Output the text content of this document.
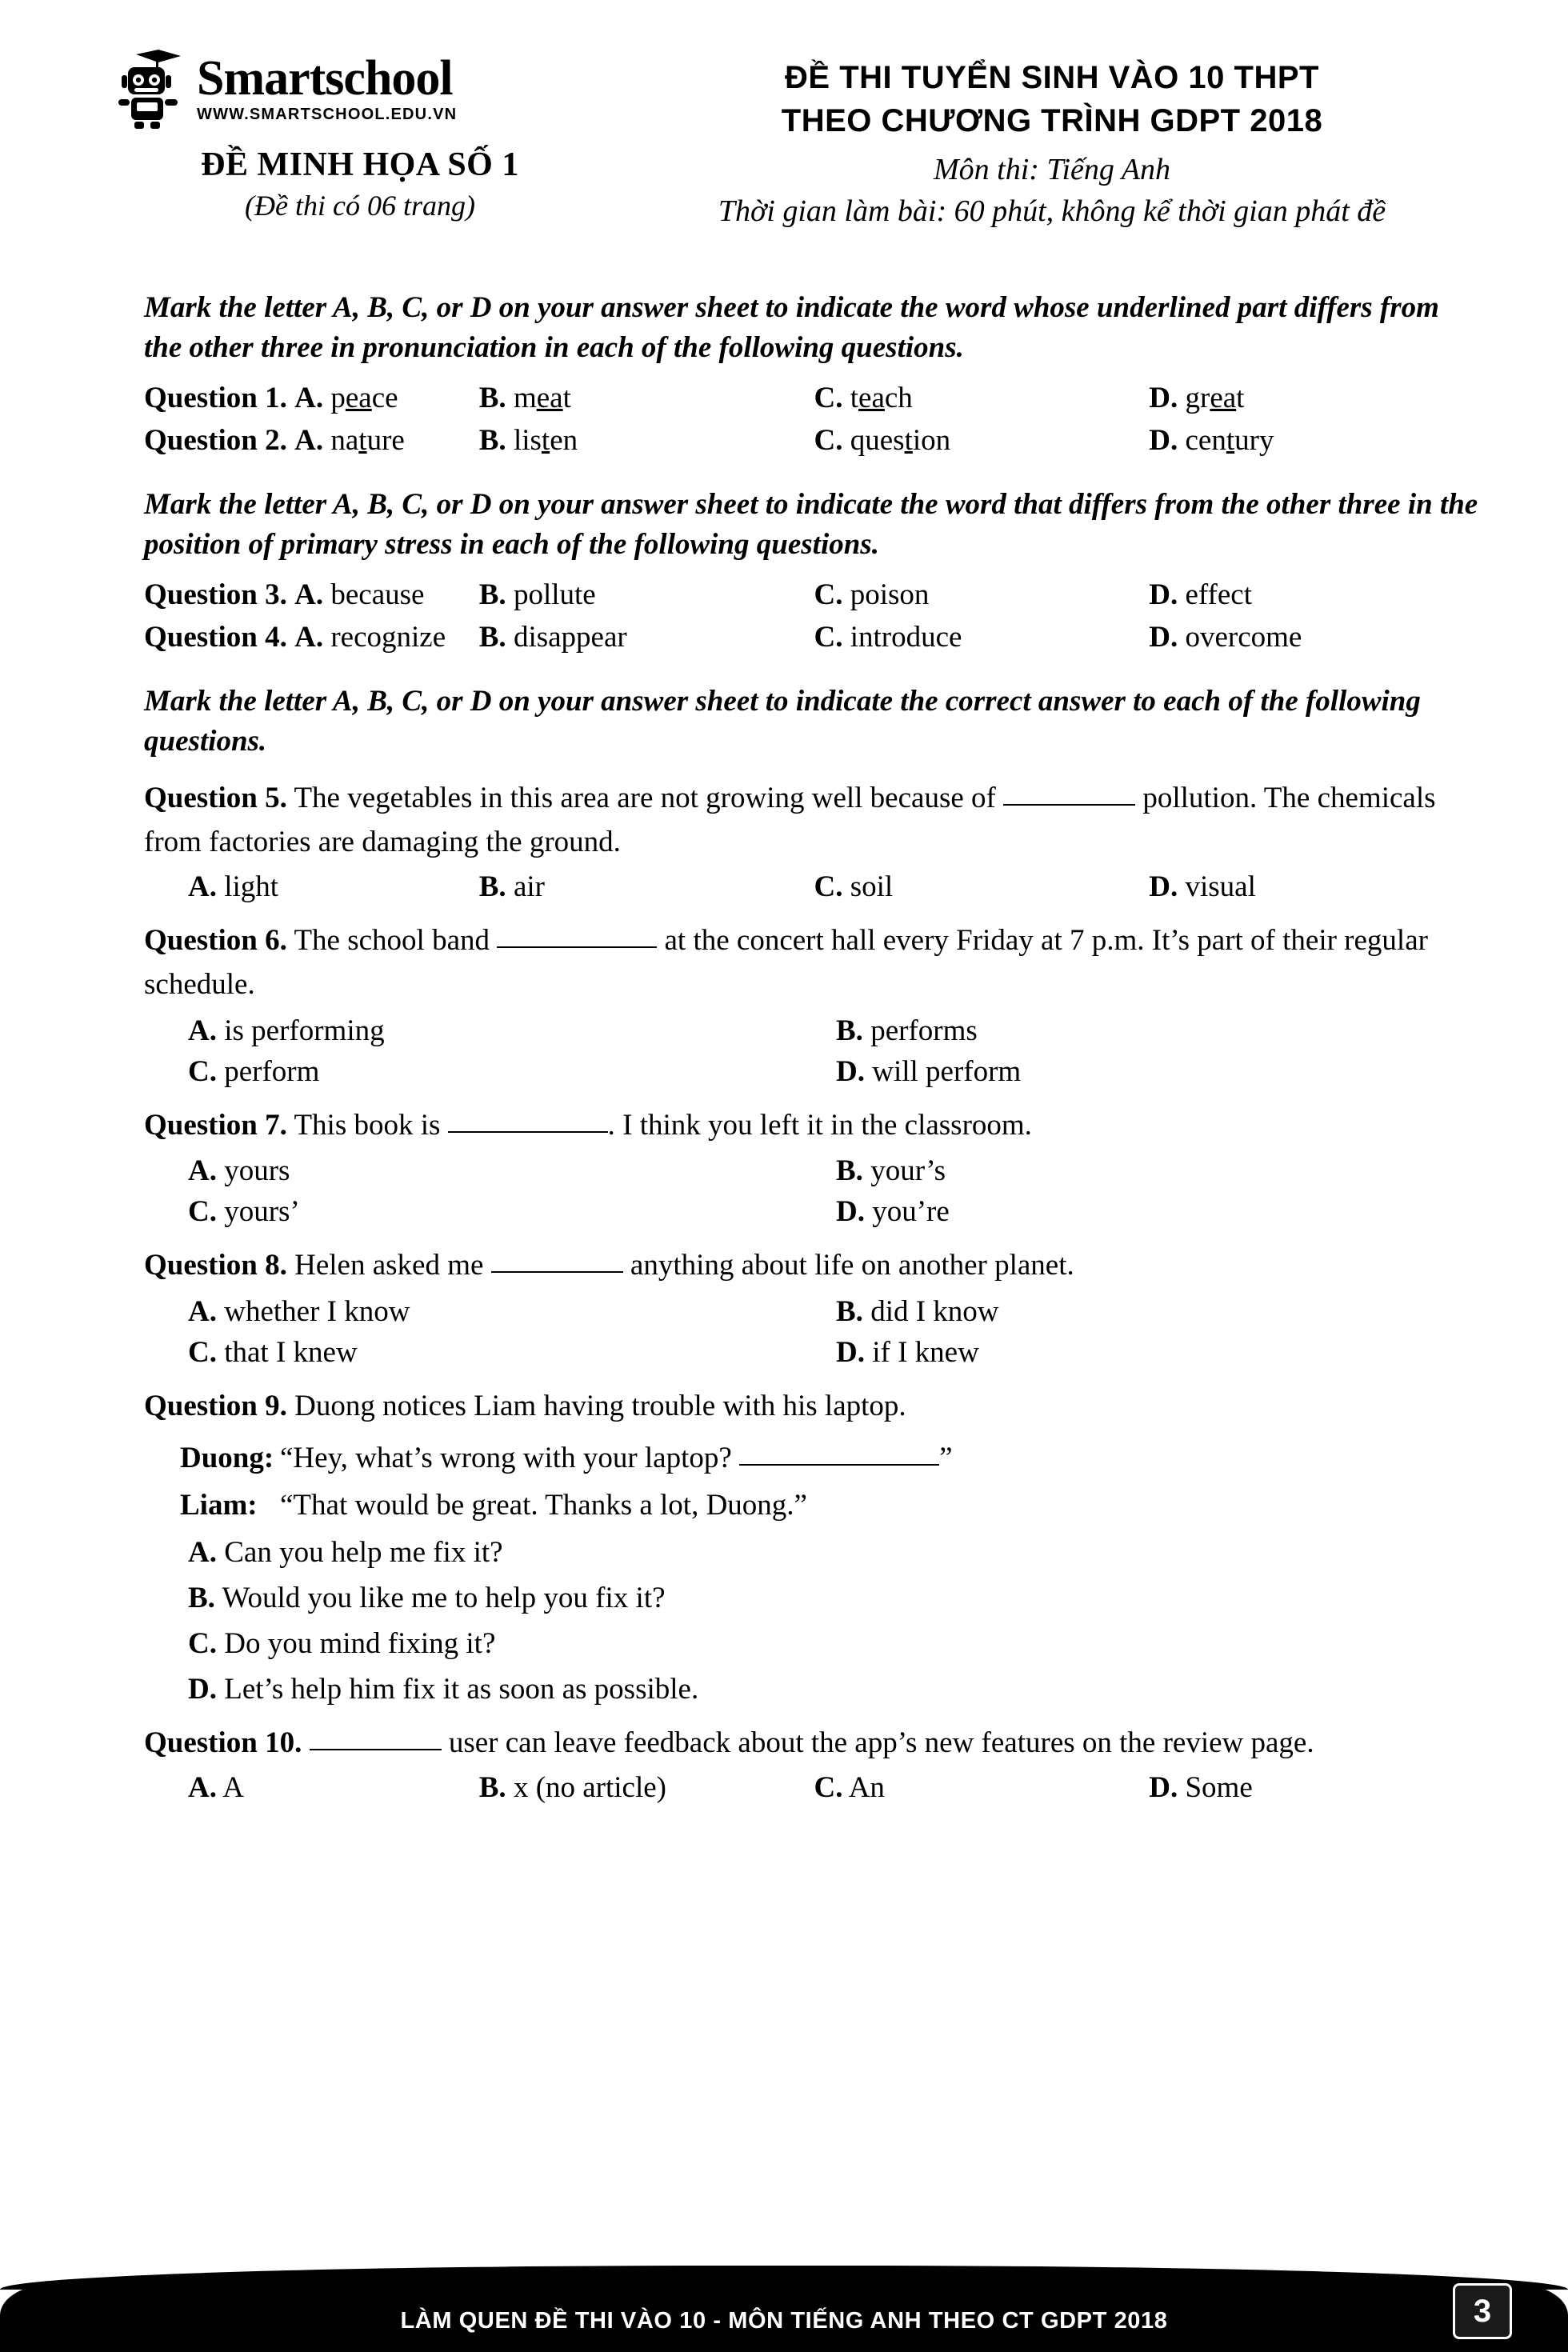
Smartschool
WWW.SMARTSCHOOL.EDU.VN
ĐỀ MINH HỌA SỐ 1
(Đề thi có 06 trang)
ĐỀ THI TUYỂN SINH VÀO 10 THPT
THEO CHƯƠNG TRÌNH GDPT 2018
Môn thi: Tiếng Anh
Thời gian làm bài: 60 phút, không kể thời gian phát đề
Mark the letter A, B, C, or D on your answer sheet to indicate the word whose underlined part differs from the other three in pronunciation in each of the following questions.
Question 1. A. peace	B. meat	C. teach	D. great
Question 2. A. nature	B. listen	C. question	D. century
Mark the letter A, B, C, or D on your answer sheet to indicate the word that differs from the other three in the position of primary stress in each of the following questions.
Question 3. A. because	B. pollute	C. poison	D. effect
Question 4. A. recognize	B. disappear	C. introduce	D. overcome
Mark the letter A, B, C, or D on your answer sheet to indicate the correct answer to each of the following questions.
Question 5. The vegetables in this area are not growing well because of	pollution. The chemicals from factories are damaging the ground.
A. light	B. air	C. soil	D. visual
Question 6. The school band	at the concert hall every Friday at 7 p.m. It’s part of their regular schedule.
A. is performing	B. performs
C. perform	D. will perform
Question 7. This book is	. I think you left it in the classroom.
A. yours	B. your’s
C. yours’	D. you’re
Question 8. Helen asked me	anything about life on another planet.
A. whether I know	B. did I know
C. that I knew	D. if I knew
Question 9. Duong notices Liam having trouble with his laptop.
Duong: “Hey, what’s wrong with your laptop?	”
Liam: “That would be great. Thanks a lot, Duong.”
A. Can you help me fix it?
B. Would you like me to help you fix it?
C. Do you mind fixing it?
D. Let’s help him fix it as soon as possible.
Question 10.	user can leave feedback about the app’s new features on the review page.
A. A	B. x (no article)	C. An	D. Some
LÀM QUEN ĐỀ THI VÀO 10 - MÔN TIẾNG ANH THEO CT GDPT 2018	3
